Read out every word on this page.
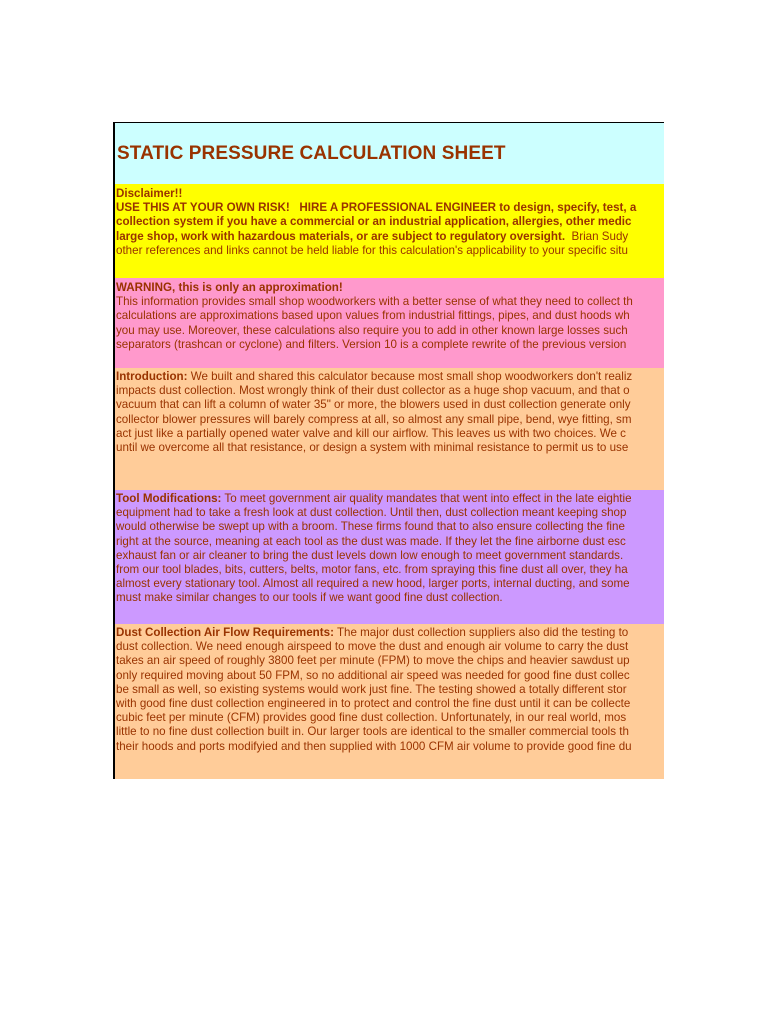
STATIC PRESSURE CALCULATION SHEET
Disclaimer!!
USE THIS AT YOUR OWN RISK!   HIRE A PROFESSIONAL ENGINEER to design, specify, test, a
collection system if you have a commercial or an industrial application, allergies, other medic
large shop, work with hazardous materials, or are subject to regulatory oversight.  Brian Sudy
other references and links cannot be held liable for this calculation's applicability to your specific situ
WARNING, this is only an approximation!
This information provides small shop woodworkers with a better sense of what they need to collect th
calculations are approximations based upon values from industrial fittings, pipes, and dust hoods wh
you may use. Moreover, these calculations also require you to add in other known large losses such
separators (trashcan or cyclone) and filters. Version 10 is a complete rewrite of the previous version
Introduction: We built and shared this calculator because most small shop woodworkers don't realiz
impacts dust collection. Most wrongly think of their dust collector as a huge shop vacuum, and that o
vacuum that can lift a column of water 35" or more, the blowers used in dust collection generate only
collector blower pressures will barely compress at all, so almost any small pipe, bend, wye fitting, sm
act just like a partially opened water valve and kill our airflow. This leaves us with two choices. We c
until we overcome all that resistance, or design a system with minimal resistance to permit us to use
Tool Modifications: To meet government air quality mandates that went into effect in the late eightie
equipment had to take a fresh look at dust collection. Until then, dust collection meant keeping shop
would otherwise be swept up with a broom. These firms found that to also ensure collecting the fine
right at the source, meaning at each tool as the dust was made. If they let the fine airborne dust esc
exhaust fan or air cleaner to bring the dust levels down low enough to meet government standards.
from our tool blades, bits, cutters, belts, motor fans, etc. from spraying this fine dust all over, they ha
almost every stationary tool. Almost all required a new hood, larger ports, internal ducting, and some
must make similar changes to our tools if we want good fine dust collection.
Dust Collection Air Flow Requirements: The major dust collection suppliers also did the testing to
dust collection. We need enough airspeed to move the dust and enough air volume to carry the dust
takes an air speed of roughly 3800 feet per minute (FPM) to move the chips and heavier sawdust up
only required moving about 50 FPM, so no additional air speed was needed for good fine dust collec
be small as well, so existing systems would work just fine. The testing showed a totally different stor
with good fine dust collection engineered in to protect and control the fine dust until it can be collecte
cubic feet per minute (CFM) provides good fine dust collection. Unfortunately, in our real world, mos
little to no fine dust collection built in. Our larger tools are identical to the smaller commercial tools th
their hoods and ports modifyied and then supplied with 1000 CFM air volume to provide good fine du
